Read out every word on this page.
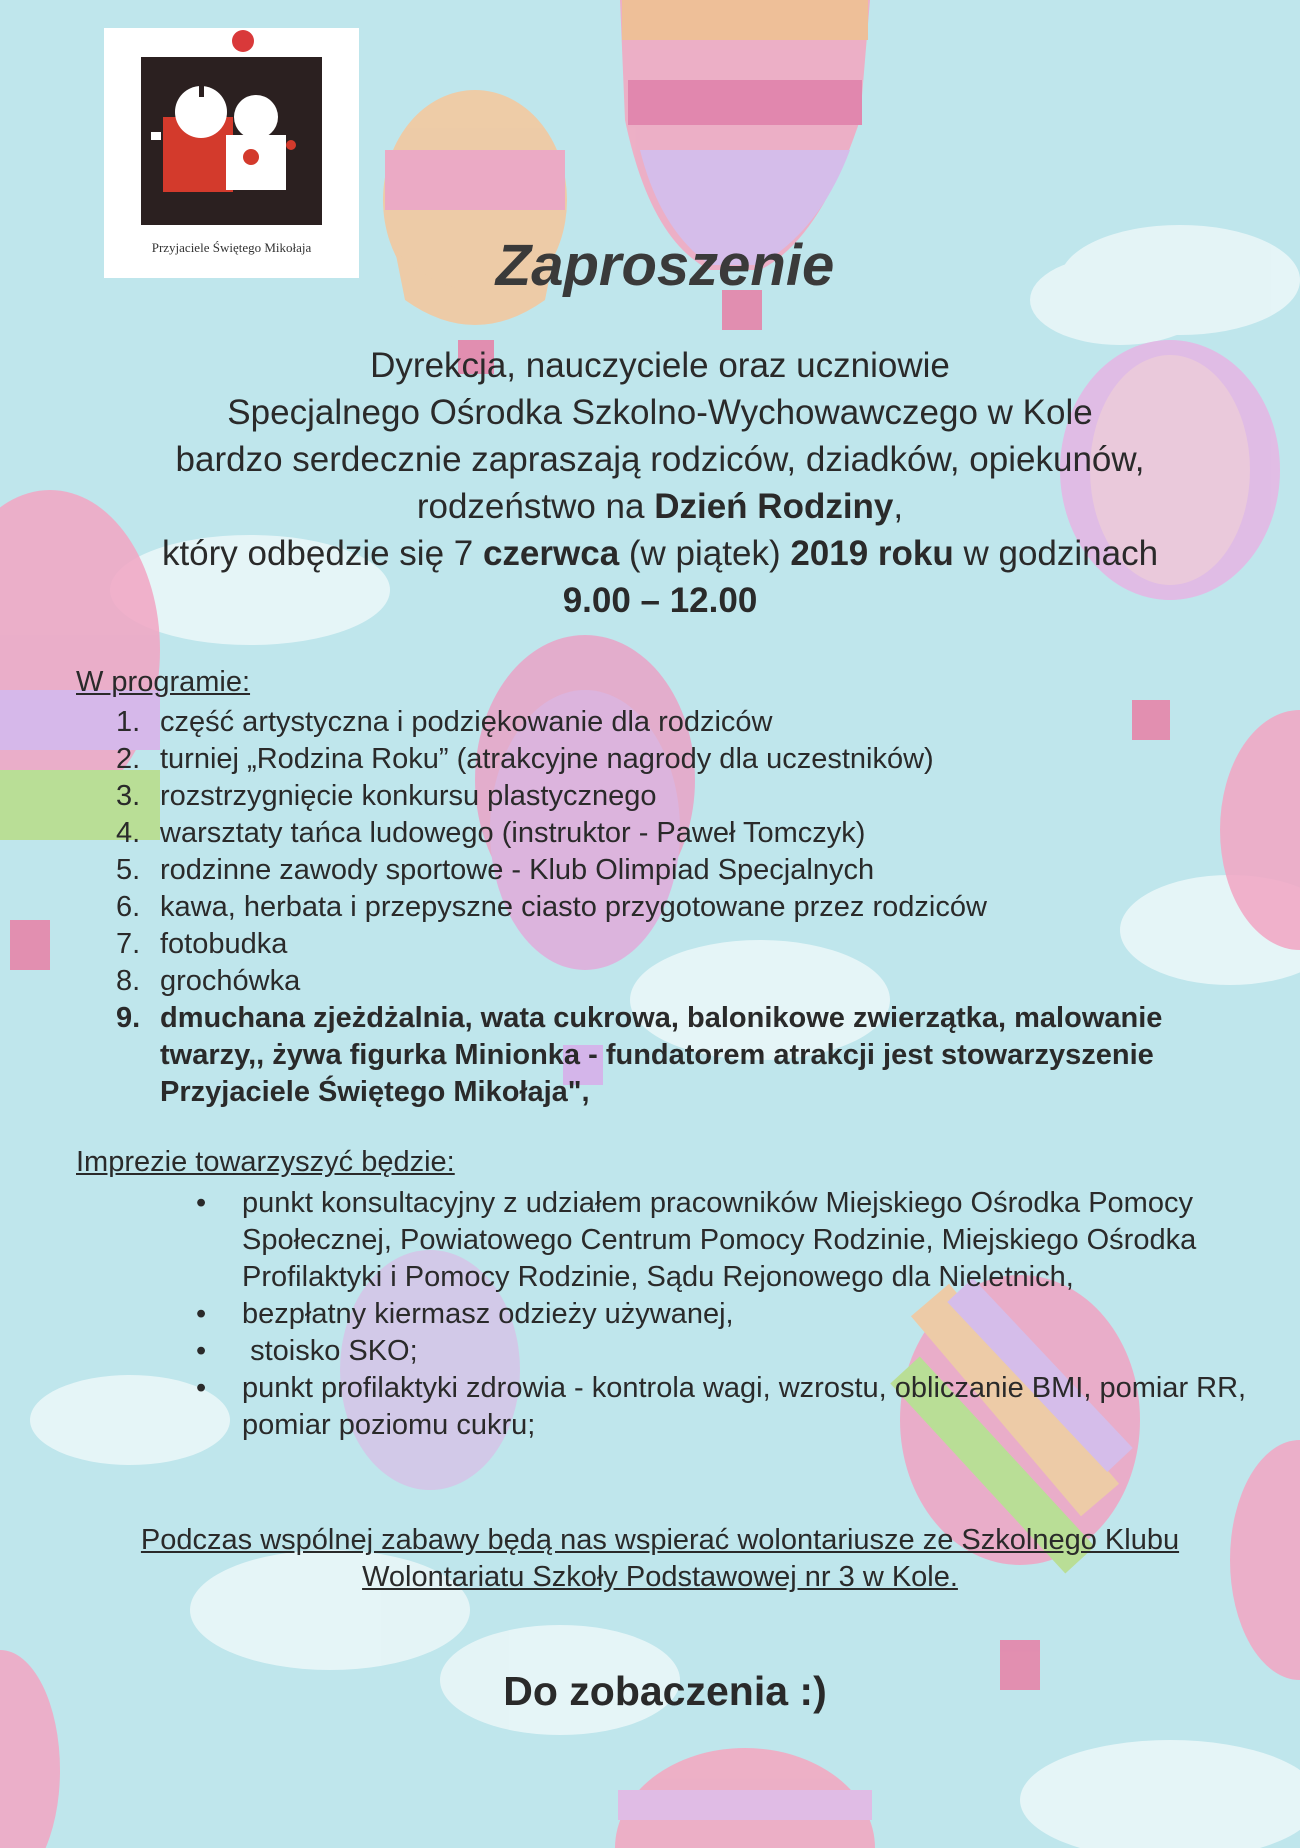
Przyjaciele Świętego Mikołaja	Zaproszenie
Dyrekcja, nauczyciele oraz uczniowie
Specjalnego Ośrodka Szkolno-Wychowawczego w Kole
bardzo serdecznie zapraszają rodziców, dziadków, opiekunów,
rodzeństwo na Dzień Rodziny,
który odbędzie się 7 czerwca (w piątek) 2019 roku w godzinach
9.00 – 12.00
W programie:
1. część artystyczna i podziękowanie dla rodziców
2. turniej „Rodzina Roku” (atrakcyjne nagrody dla uczestników)
3. rozstrzygnięcie konkursu plastycznego
4. warsztaty tańca ludowego (instruktor - Paweł Tomczyk)
5. rodzinne zawody sportowe - Klub Olimpiad Specjalnych
6. kawa, herbata i przepyszne ciasto przygotowane przez rodziców
7. fotobudka
8. grochówka
9. dmuchana zjeżdżalnia, wata cukrowa, balonikowe zwierzątka, malowanie twarzy,, żywa figurka Minionka - fundatorem atrakcji jest stowarzyszenie Przyjaciele Świętego Mikołaja",
Imprezie towarzyszyć będzie:
•	punkt konsultacyjny z udziałem pracowników Miejskiego Ośrodka Pomocy Społecznej, Powiatowego Centrum Pomocy Rodzinie, Miejskiego Ośrodka Profilaktyki i Pomocy Rodzinie, Sądu Rejonowego dla Nieletnich,
•	bezpłatny kiermasz odzieży używanej,
•	stoisko SKO;
•	punkt profilaktyki zdrowia - kontrola wagi, wzrostu, obliczanie BMI, pomiar RR, pomiar poziomu cukru;
Podczas wspólnej zabawy będą nas wspierać wolontariusze ze Szkolnego Klubu
Wolontariatu Szkoły Podstawowej nr 3 w Kole.
Do zobaczenia :)
